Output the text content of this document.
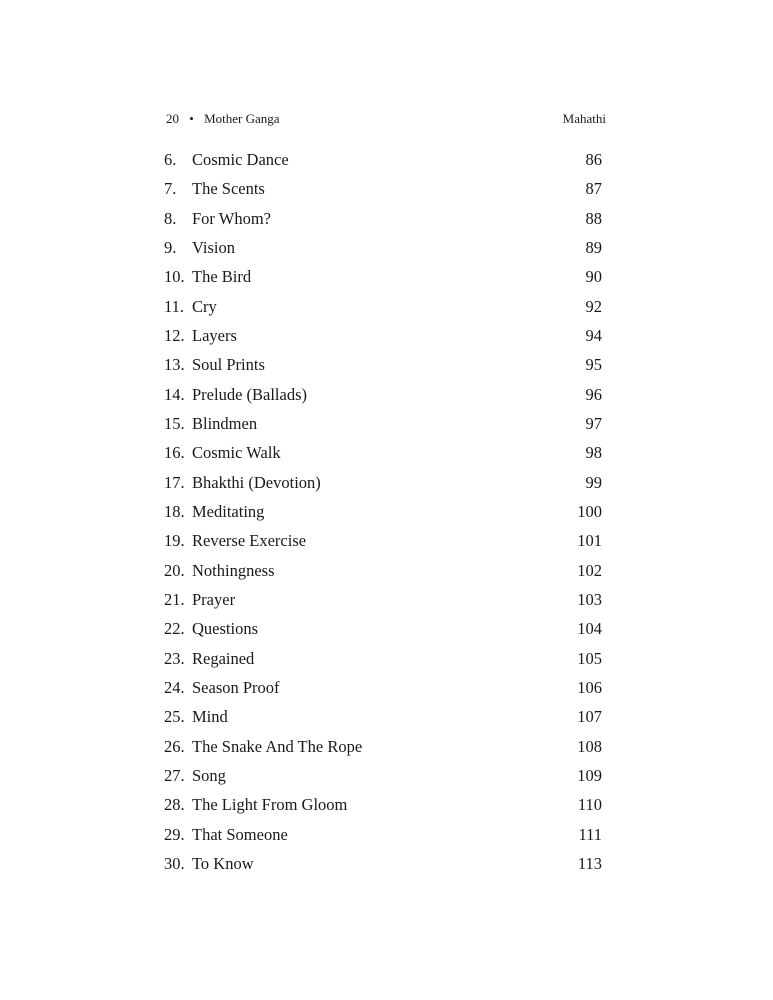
20 • Mother Ganga	Mahathi
6. Cosmic Dance	86
7. The Scents	87
8. For Whom?	88
9. Vision	89
10. The Bird	90
11. Cry	92
12. Layers	94
13. Soul Prints	95
14. Prelude (Ballads)	96
15. Blindmen	97
16. Cosmic Walk	98
17. Bhakthi (Devotion)	99
18. Meditating	100
19. Reverse Exercise	101
20. Nothingness	102
21. Prayer	103
22. Questions	104
23. Regained	105
24. Season Proof	106
25. Mind	107
26. The Snake And The Rope	108
27. Song	109
28. The Light From Gloom	110
29. That Someone	111
30. To Know	113
